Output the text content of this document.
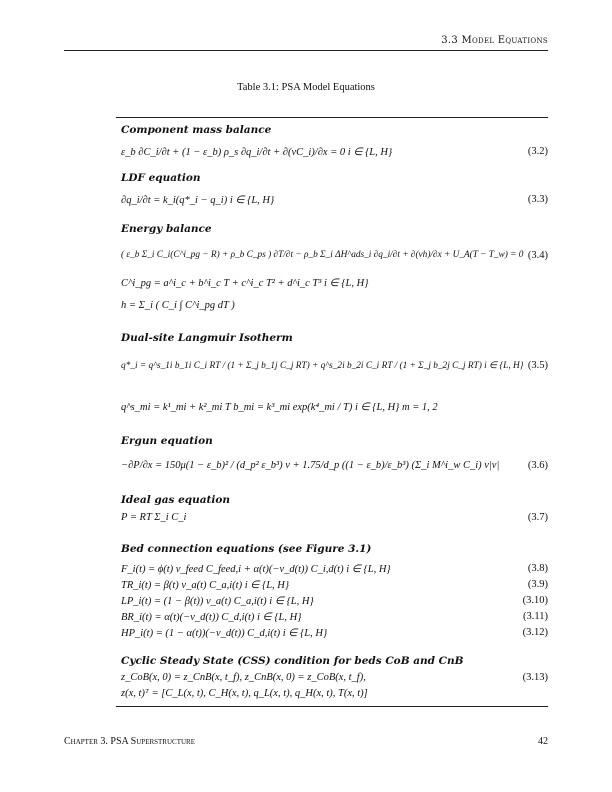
3.3 Model Equations
Table 3.1: PSA Model Equations
Component mass balance
ε_b ∂C_i/∂t + (1 − ε_b) ρ_s ∂q_i/∂t + ∂(vC_i)/∂x = 0 i ∈ {L, H}	(3.2)
LDF equation
∂q_i/∂t = k_i(q*_i − q_i) i ∈ {L, H}	(3.3)
Energy balance
( ε_b Σ_i C_i(C^i_pg − R) + ρ_b C_ps ) ∂T/∂t − ρ_b Σ_i ΔH^ads_i ∂q_i/∂t + ∂(vh)/∂x + U_A(T − T_w) = 0 (3.4)
C^i_pg = a^i_c + b^i_c T + c^i_c T² + d^i_c T³ i ∈ {L, H}
h = Σ_i ( C_i ∫ C^i_pg dT )
Dual-site Langmuir Isotherm
q*_i = q^s_1i b_1i C_i RT / (1 + Σ_j b_1j C_j RT) + q^s_2i b_2i C_i RT / (1 + Σ_j b_2j C_j RT) i ∈ {L, H} (3.5)
q^s_mi = k¹_mi + k²_mi T b_mi = k³_mi exp(k⁴_mi / T) i ∈ {L, H} m = 1, 2
Ergun equation
−∂P/∂x = 150μ(1 − ε_b)² / (d_p² ε_b³) v + 1.75/d_p ((1 − ε_b)/ε_b³) (Σ_i M^i_w C_i) v|v|	(3.6)
Ideal gas equation
P = RT Σ_i C_i	(3.7)
Bed connection equations (see Figure 3.1)
F_i(t) = ϕ(t) v_feed C_feed,i + α(t)(−v_d(t)) C_i,d(t) i ∈ {L, H}	(3.8)
TR_i(t) = β(t) v_a(t) C_a,i(t) i ∈ {L, H}	(3.9)
LP_i(t) = (1 − β(t)) v_a(t) C_a,i(t) i ∈ {L, H}	(3.10)
BR_i(t) = α(t)(−v_d(t)) C_d,i(t) i ∈ {L, H}	(3.11)
HP_i(t) = (1 − α(t))(−v_d(t)) C_d,i(t) i ∈ {L, H}	(3.12)
Cyclic Steady State (CSS) condition for beds CoB and CnB
z_CoB(x, 0) = z_CnB(x, t_f), z_CnB(x, 0) = z_CoB(x, t_f),	(3.13)
z(x, t)ᵀ = [C_L(x, t), C_H(x, t), q_L(x, t), q_H(x, t), T(x, t)]
Chapter 3. PSA Superstructure	42
